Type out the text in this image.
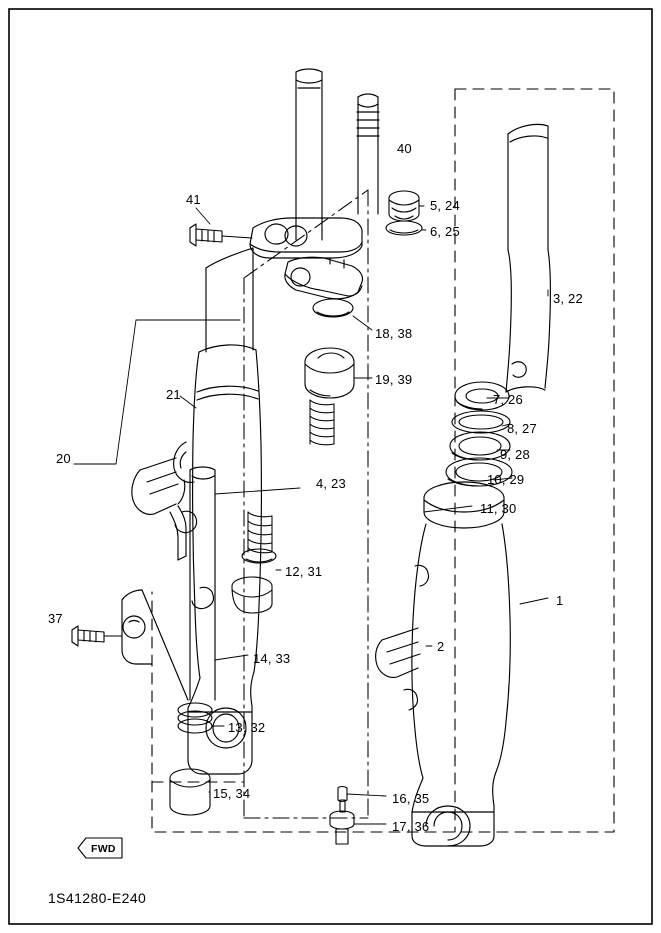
40
41	5, 24
6, 25
3, 22
18, 38
19, 39
21	7, 26
8, 27
9, 28
10, 29
20
4, 23
11, 30
12, 31
1
37
2
14, 33
13, 32
15, 34	16, 35
17, 36
FWD
1S41280-E240
